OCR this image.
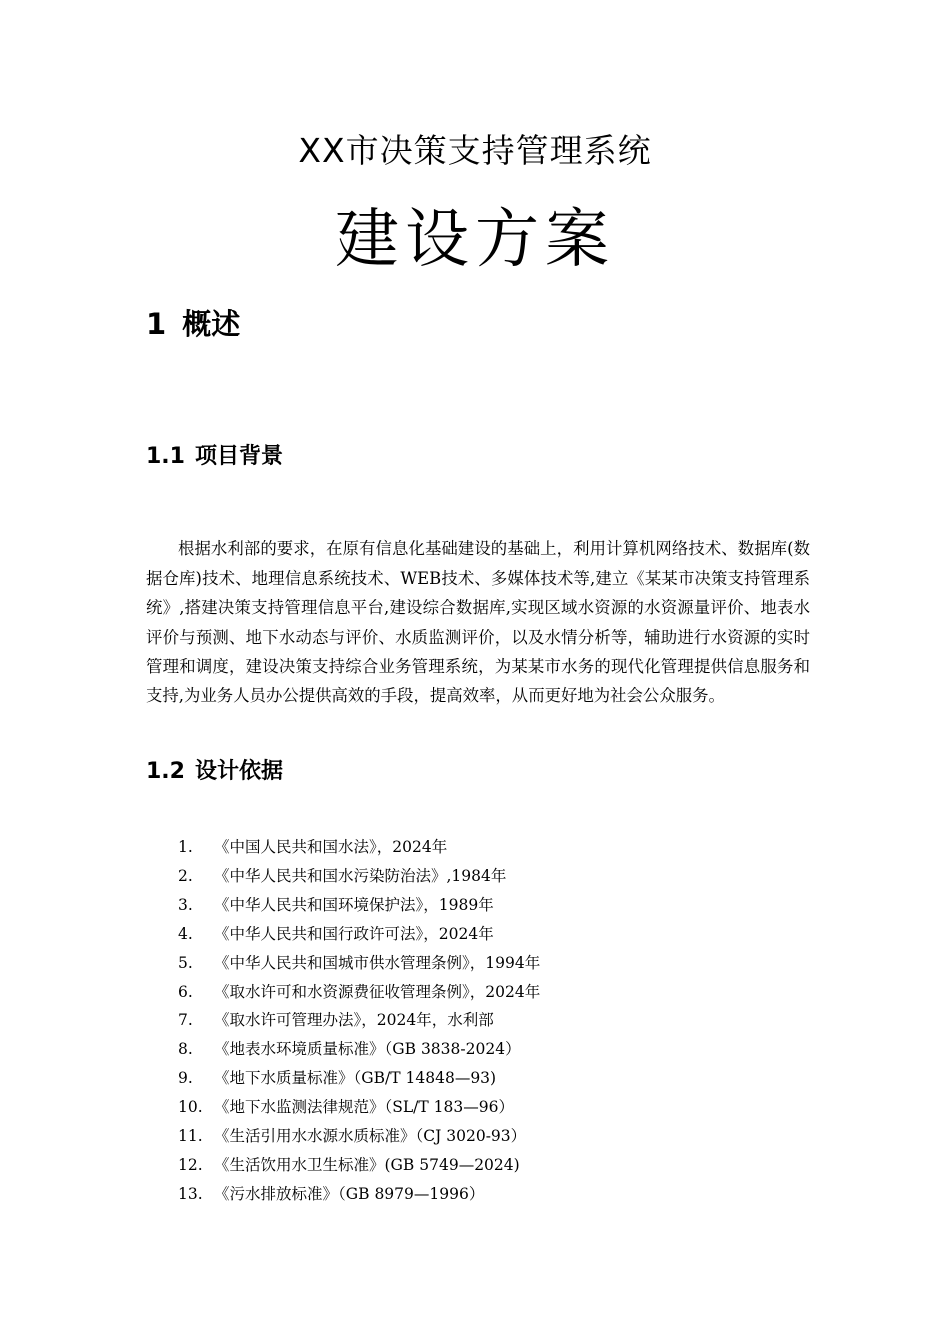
XX市决策支持管理系统
建设方案
1 概述
1.1 项目背景

根据水利部的要求，在原有信息化基础建设的基础上，利用计算机网络技术、数据库(数据仓库)技术、地理信息系统技术、WEB技术、多媒体技术等,建立《某某市决策支持管理系统》,搭建决策支持管理信息平台,建设综合数据库,实现区域水资源的水资源量评价、地表水评价与预测、地下水动态与评价、水质监测评价，以及水情分析等，辅助进行水资源的实时管理和调度，建设决策支持综合业务管理系统，为某某市水务的现代化管理提供信息服务和支持,为业务人员办公提供高效的手段，提高效率，从而更好地为社会公众服务。

1.2 设计依据
1. 《中国人民共和国水法》，2024年
2. 《中华人民共和国水污染防治法》,1984年
3. 《中华人民共和国环境保护法》，1989年
4. 《中华人民共和国行政许可法》，2024年
5. 《中华人民共和国城市供水管理条例》，1994年
6. 《取水许可和水资源费征收管理条例》，2024年
7. 《取水许可管理办法》，2024年，水利部
8. 《地表水环境质量标准》（GB 3838-2024）
9. 《地下水质量标准》（GB/T 14848—93)
10. 《地下水监测法律规范》（SL/T 183—96）
11. 《生活引用水水源水质标准》（CJ 3020-93）
12. 《生活饮用水卫生标准》(GB 5749—2024)
13. 《污水排放标准》（GB 8979—1996）
